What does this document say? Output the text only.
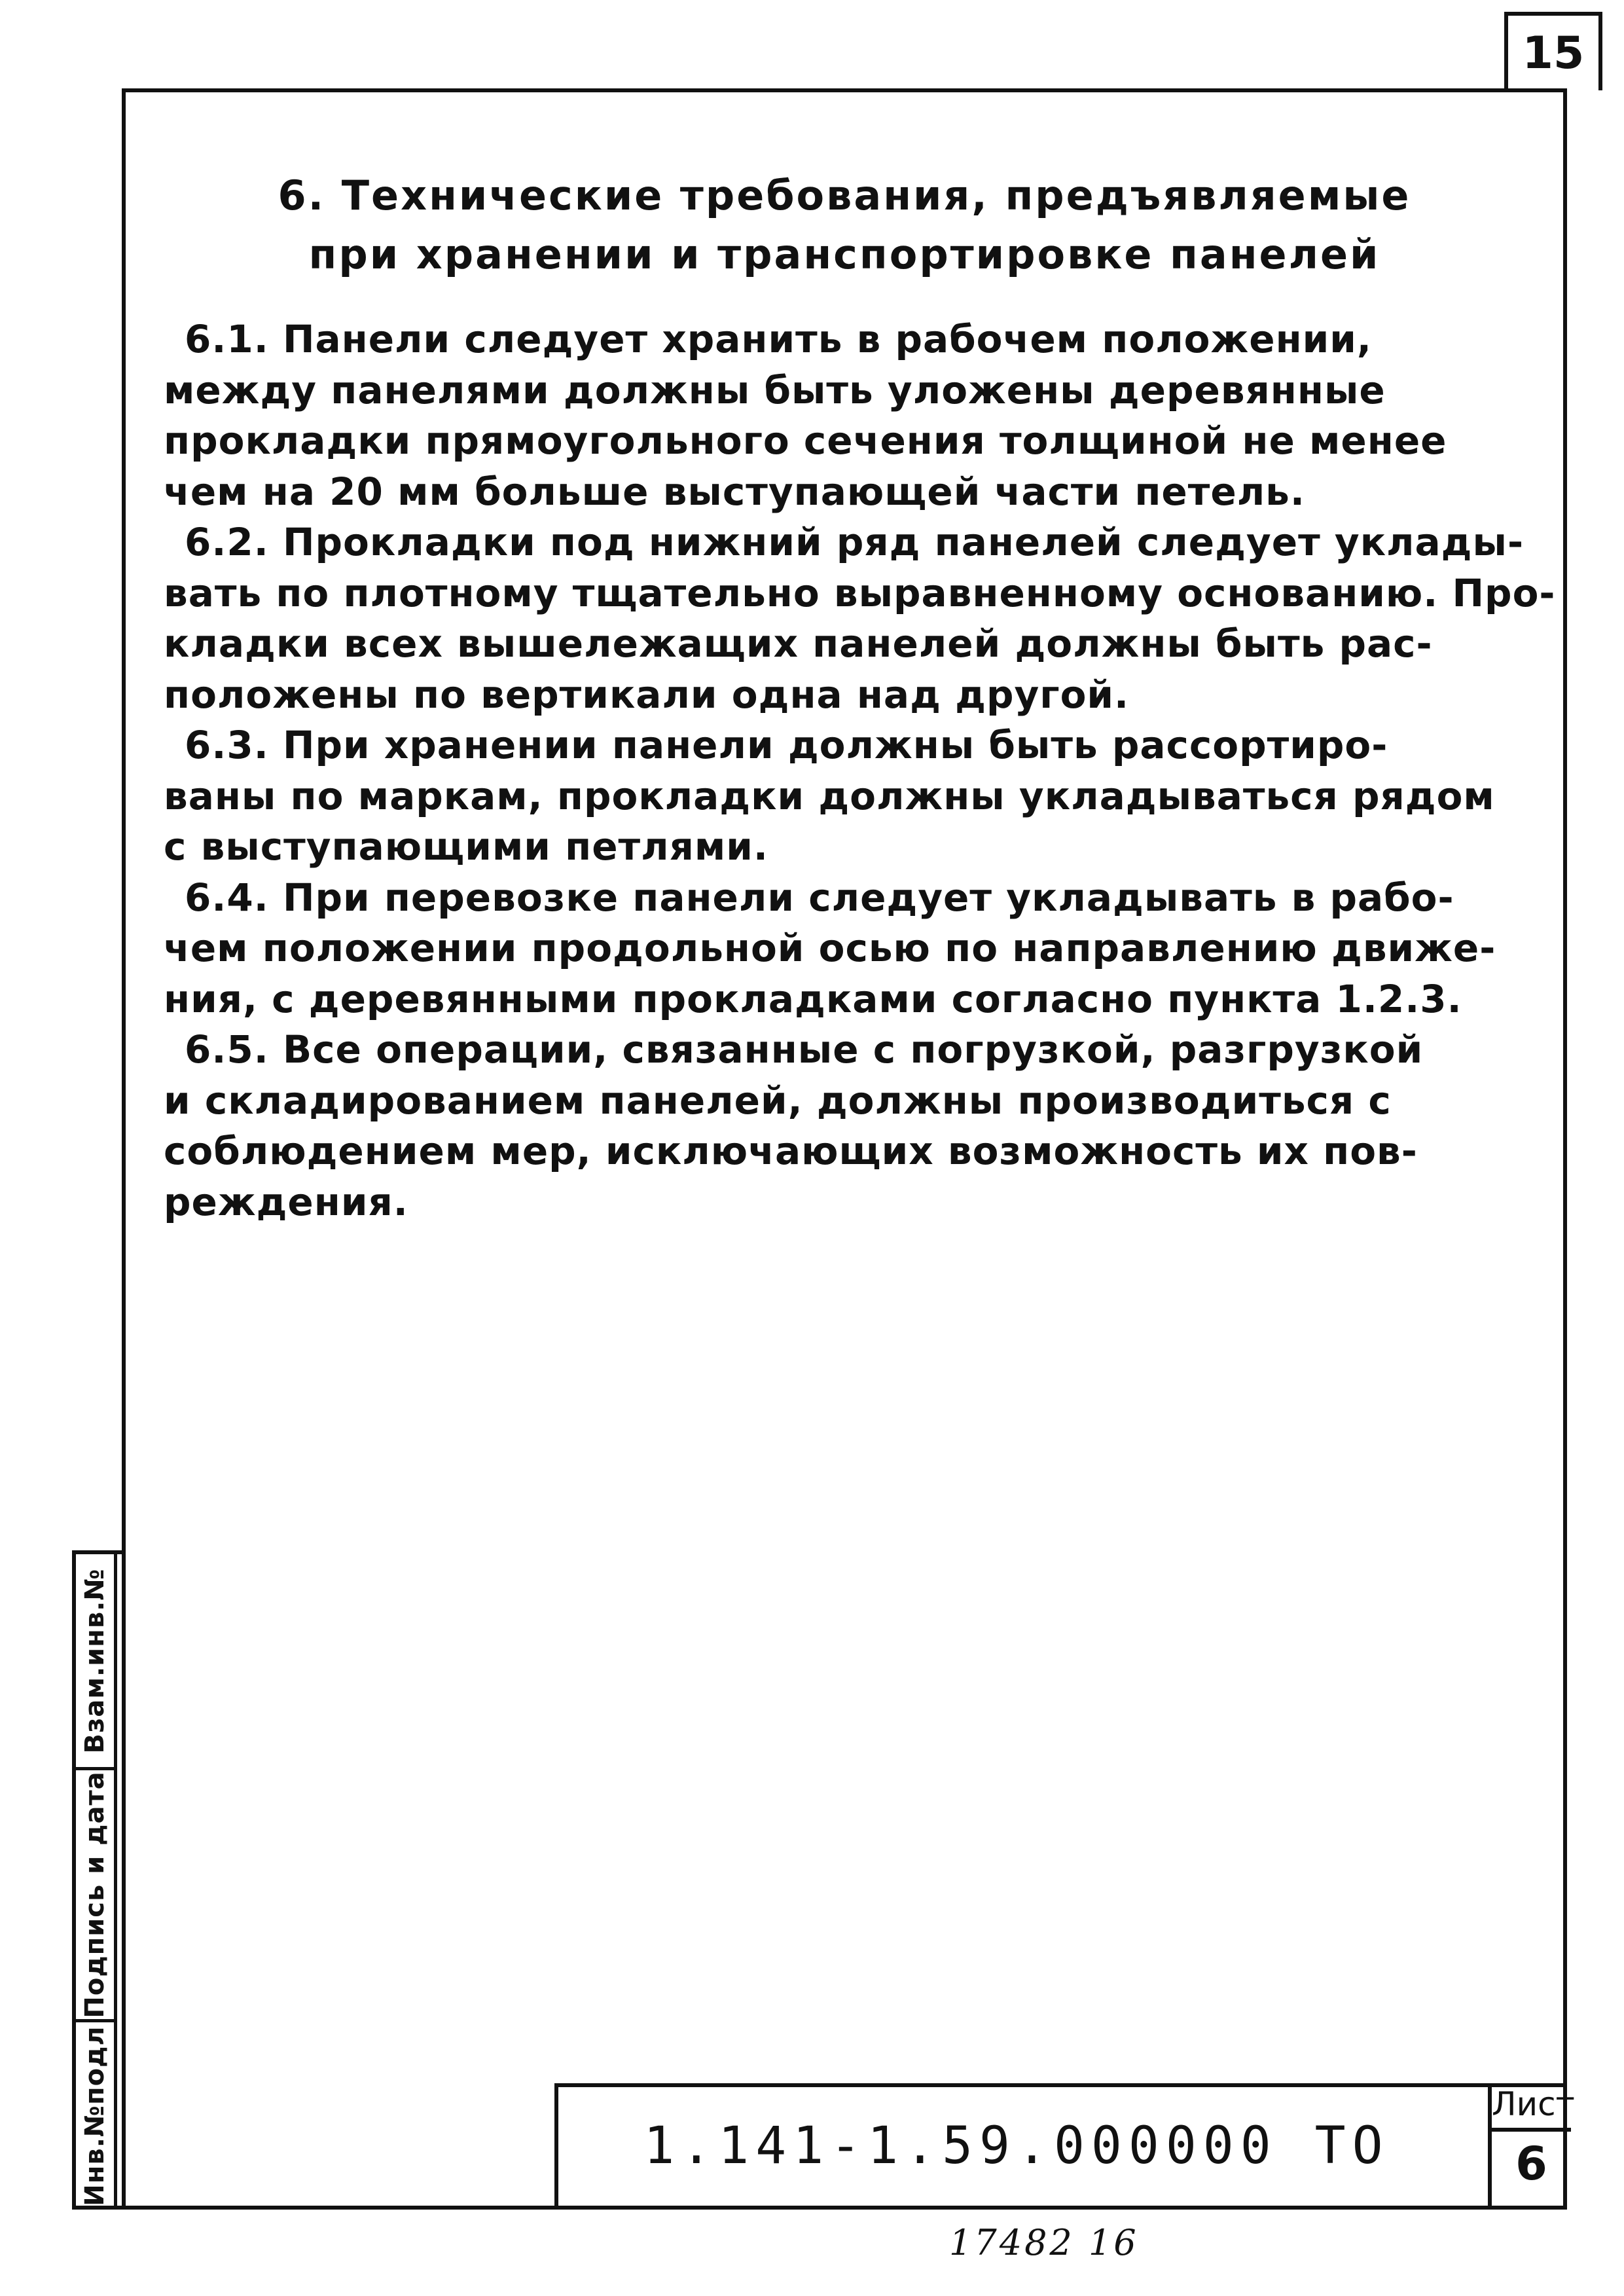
15
Взам.инв.№
Подпись и дата
Инв.№подл
6. Технические требования, предъявляемые
при хранении и транспортировке панелей
6.1. Панели следует хранить в рабочем положении,
между панелями должны быть уложены деревянные
прокладки прямоугольного сечения толщиной не менее
чем на 20 мм больше выступающей части петель.
6.2. Прокладки под нижний ряд панелей следует уклады-
вать по плотному тщательно выравненному основанию. Про-
кладки всех вышележащих панелей должны быть рас-
положены по вертикали одна над другой.
6.3. При хранении панели должны быть рассортиро-
ваны по маркам, прокладки должны укладываться рядом
с выступающими петлями.
6.4. При перевозке панели следует укладывать в рабо-
чем положении продольной осью по направлению движе-
ния, с деревянными прокладками согласно пункта 1.2.3.
6.5. Все операции, связанные с погрузкой, разгрузкой
и складированием панелей, должны производиться с
соблюдением мер, исключающих возможность их пов-
реждения.
1.141-1.59.000000 ТО
Лист
6
17482 16
